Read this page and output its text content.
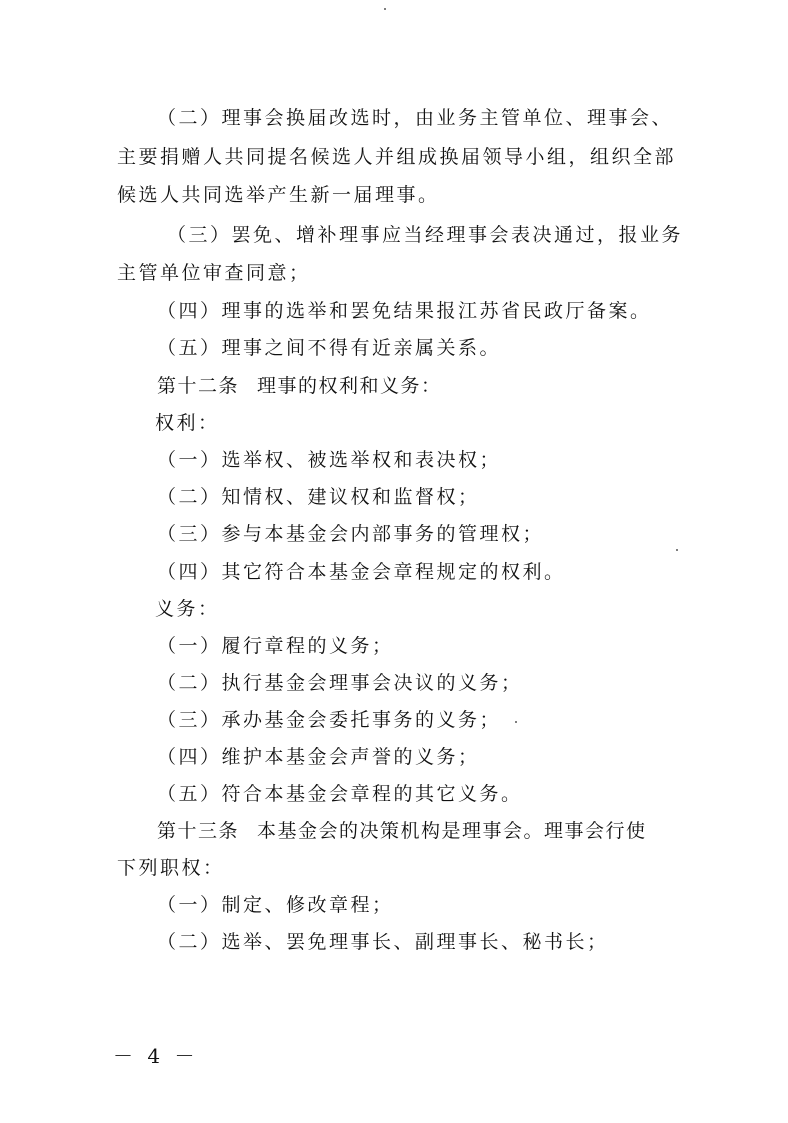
（二）理事会换届改选时，由业务主管单位、理事会、
主要捐赠人共同提名候选人并组成换届领导小组，组织全部
候选人共同选举产生新一届理事。
（三）罢免、增补理事应当经理事会表决通过，报业务
主管单位审查同意；
（四）理事的选举和罢免结果报江苏省民政厅备案。
（五）理事之间不得有近亲属关系。
第十二条 理事的权利和义务：
权利：
（一）选举权、被选举权和表决权；
（二）知情权、建议权和监督权；
（三）参与本基金会内部事务的管理权；
（四）其它符合本基金会章程规定的权利。
义务：
（一）履行章程的义务；
（二）执行基金会理事会决议的义务；
（三）承办基金会委托事务的义务；
（四）维护本基金会声誉的义务；
（五）符合本基金会章程的其它义务。
第十三条 本基金会的决策机构是理事会。理事会行使
下列职权：
（一）制定、修改章程；
（二）选举、罢免理事长、副理事长、秘书长；
－ 4 －
